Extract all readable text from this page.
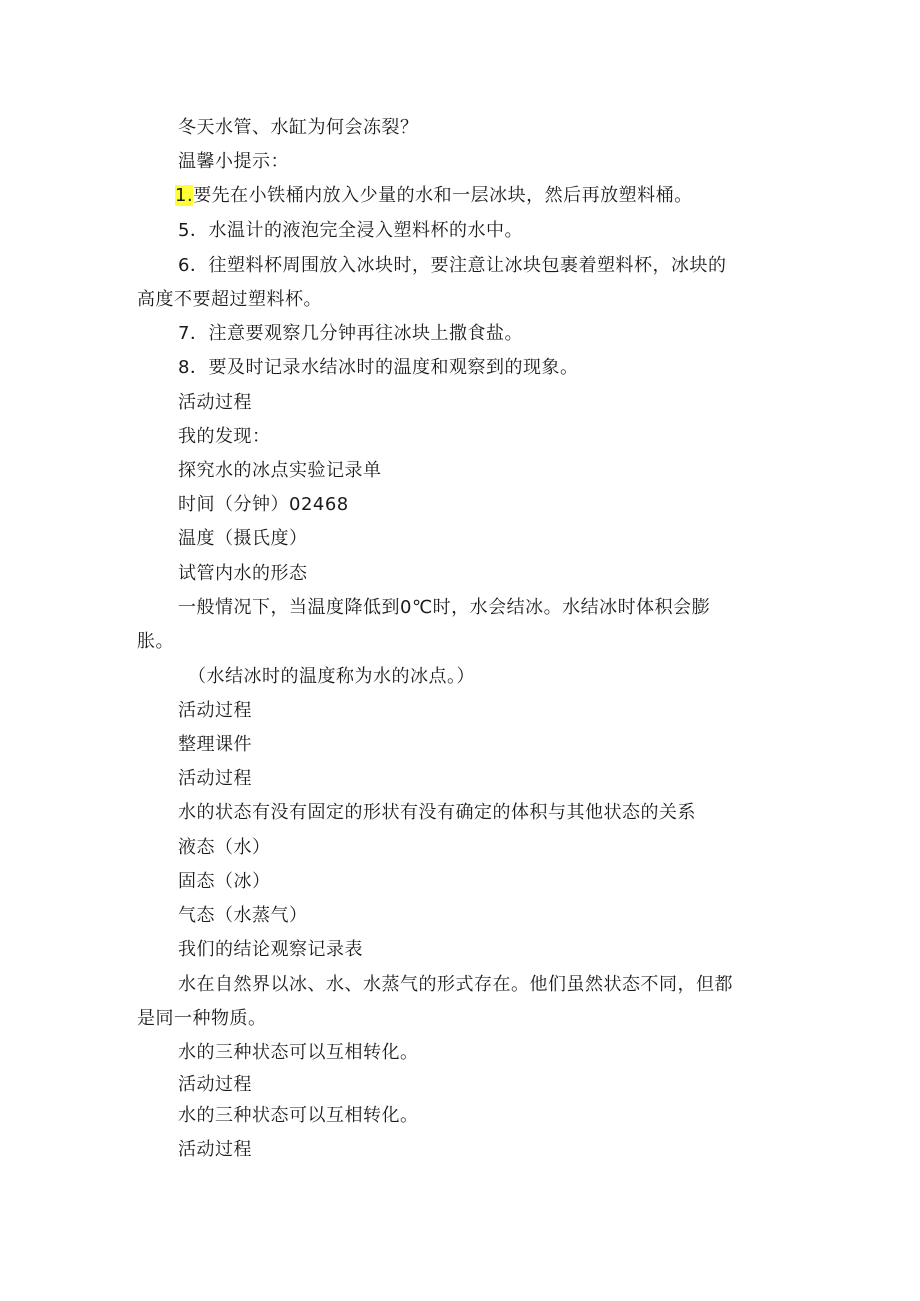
冬天水管、水缸为何会冻裂？
温馨小提示：
1.要先在小铁桶内放入少量的水和一层冰块，然后再放塑料桶。
5．水温计的液泡完全浸入塑料杯的水中。
6．往塑料杯周围放入冰块时，要注意让冰块包裹着塑料杯，冰块的
高度不要超过塑料杯。
7．注意要观察几分钟再往冰块上撒食盐。
8．要及时记录水结冰时的温度和观察到的现象。
活动过程
我的发现：
探究水的冰点实验记录单
时间（分钟）02468
温度（摄氏度）
试管内水的形态
一般情况下，当温度降低到0℃时，水会结冰。水结冰时体积会膨
胀。
（水结冰时的温度称为水的冰点。）
活动过程
整理课件
活动过程
水的状态有没有固定的形状有没有确定的体积与其他状态的关系
液态（水）
固态（冰）
气态（水蒸气）
我们的结论观察记录表
水在自然界以冰、水、水蒸气的形式存在。他们虽然状态不同，但都
是同一种物质。
水的三种状态可以互相转化。
活动过程
水的三种状态可以互相转化。
活动过程
